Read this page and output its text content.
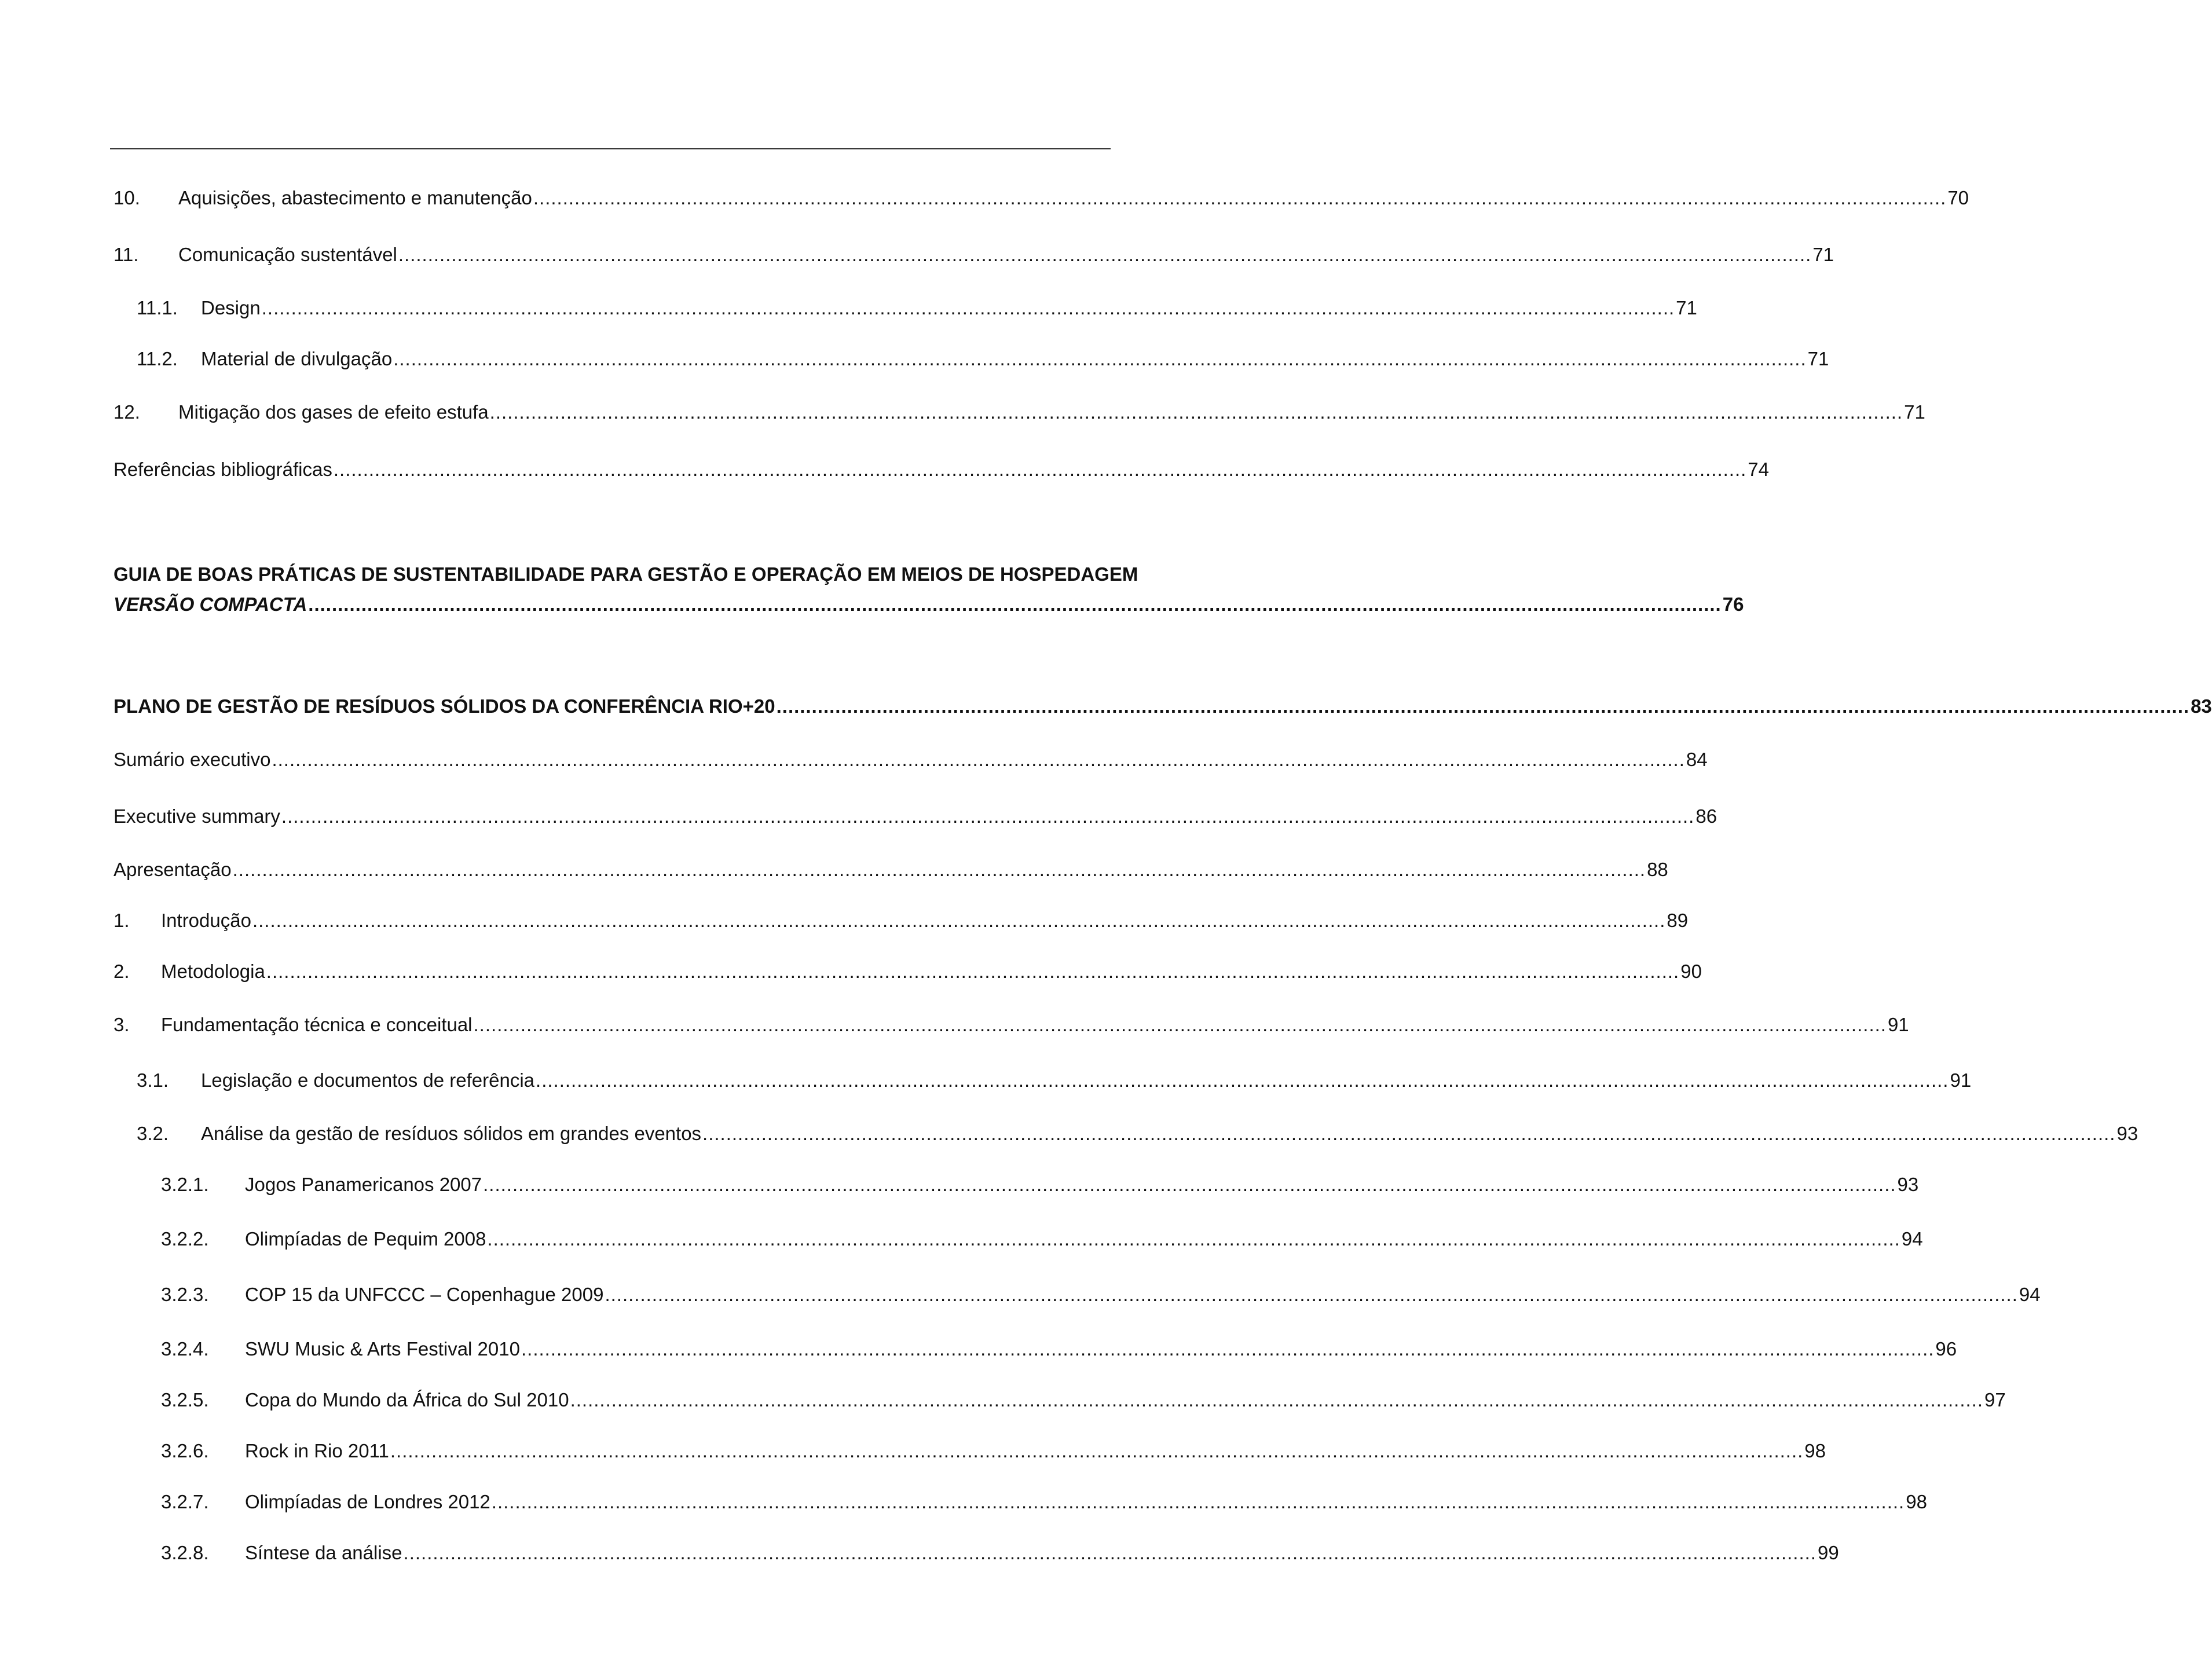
10.	Aquisições, abastecimento e manutenção ................................................................................................................................................................................................................................................ 70
11.	Comunicação sustentável ................................................................................................................................................................................................................................................ 71
11.1.	Design ................................................................................................................................................................................................................................................ 71
11.2.	Material de divulgação ................................................................................................................................................................................................................................................ 71
12.	Mitigação dos gases de efeito estufa ................................................................................................................................................................................................................................................ 71
Referências bibliográficas ................................................................................................................................................................................................................................................ 74
GUIA DE BOAS PRÁTICAS DE SUSTENTABILIDADE PARA GESTÃO E OPERAÇÃO EM MEIOS DE HOSPEDAGEM
VERSÃO COMPACTA ................................................................................................................................................................................................................................................ 76
PLANO DE GESTÃO DE RESÍDUOS SÓLIDOS DA CONFERÊNCIA RIO+20 ................................................................................................................................................................................................................................................ 83
Sumário executivo ................................................................................................................................................................................................................................................ 84
Executive summary ................................................................................................................................................................................................................................................ 86
Apresentação ................................................................................................................................................................................................................................................ 88
1.	Introdução ................................................................................................................................................................................................................................................ 89
2.	Metodologia ................................................................................................................................................................................................................................................ 90
3.	Fundamentação técnica e conceitual ................................................................................................................................................................................................................................................ 91
3.1.	Legislação e documentos de referência ................................................................................................................................................................................................................................................ 91
3.2.	Análise da gestão de resíduos sólidos em grandes eventos ................................................................................................................................................................................................................................................ 93
3.2.1.	Jogos Panamericanos 2007 ................................................................................................................................................................................................................................................ 93
3.2.2.	Olimpíadas de Pequim 2008 ................................................................................................................................................................................................................................................ 94
3.2.3.	COP 15 da UNFCCC – Copenhague 2009 ................................................................................................................................................................................................................................................ 94
3.2.4.	SWU Music & Arts Festival 2010 ................................................................................................................................................................................................................................................ 96
3.2.5.	Copa do Mundo da África do Sul 2010 ................................................................................................................................................................................................................................................ 97
3.2.6.	Rock in Rio 2011 ................................................................................................................................................................................................................................................ 98
3.2.7.	Olimpíadas de Londres 2012 ................................................................................................................................................................................................................................................ 98
3.2.8.	Síntese da análise ................................................................................................................................................................................................................................................ 99
